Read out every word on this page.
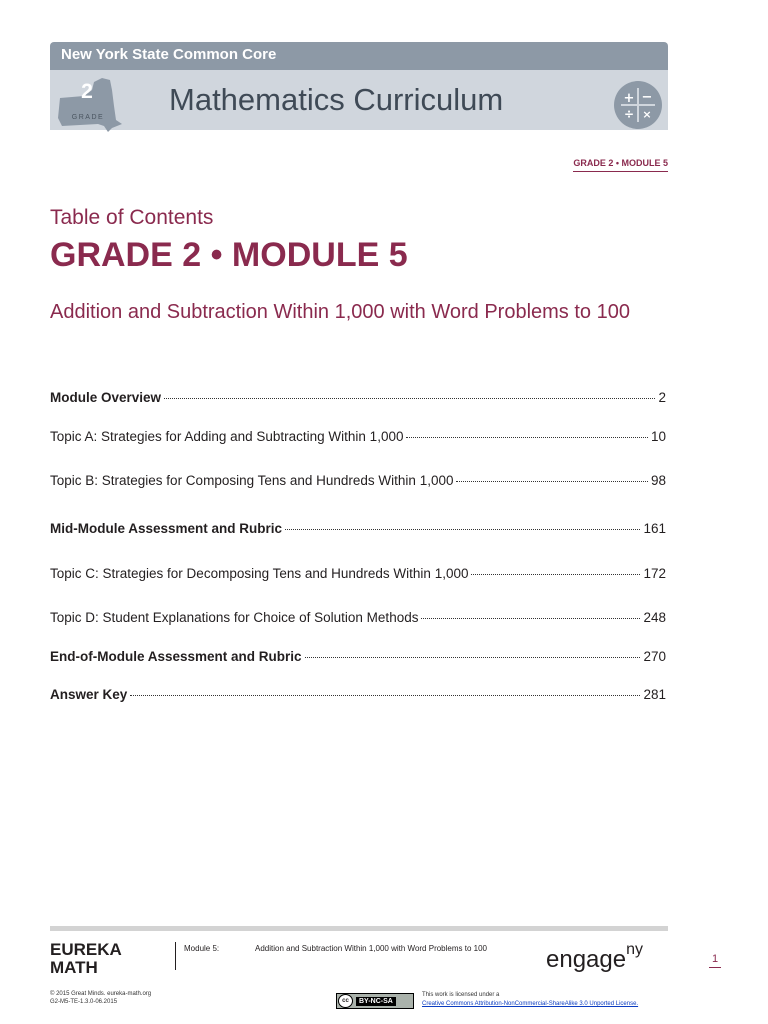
New York State Common Core
2
GRADE
Mathematics Curriculum	+ −
÷ ×
GRADE 2 • MODULE 5
Table of Contents
GRADE 2 • MODULE 5
Addition and Subtraction Within 1,000 with Word Problems to 100
Module Overview	2
Topic A: Strategies for Adding and Subtracting Within 1,000	10
Topic B: Strategies for Composing Tens and Hundreds Within 1,000	98
Mid-Module Assessment and Rubric	161
Topic C: Strategies for Decomposing Tens and Hundreds Within 1,000	172
Topic D: Student Explanations for Choice of Solution Methods	248
End-of-Module Assessment and Rubric	270
Answer Key	281
EUREKA
MATH
Module 5:	Addition and Subtraction Within 1,000 with Word Problems to 100 engage$^{ny}$
1
© 2015 Great Minds. eureka-math.org
G2-M5-TE-1.3.0-06.2015	cc	BY-NC-SA
This work is licensed under a
Creative Commons Attribution-NonCommercial-ShareAlike 3.0 Unported License.
